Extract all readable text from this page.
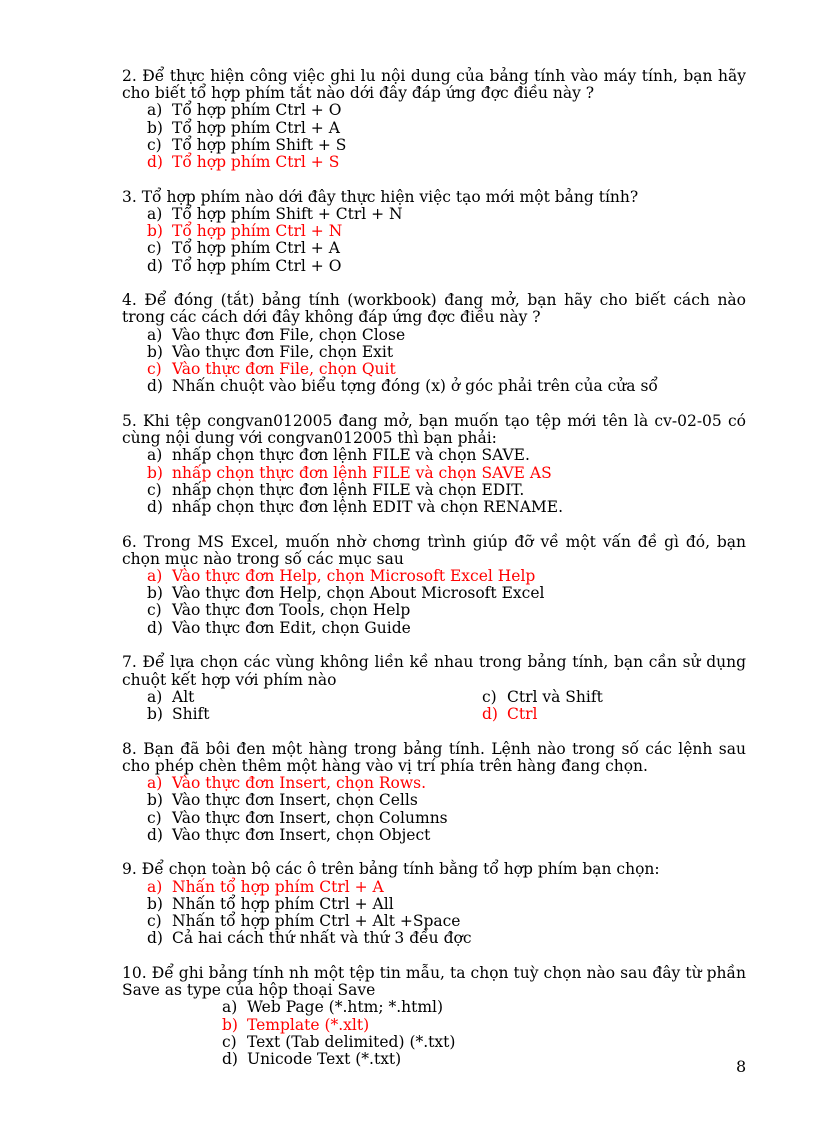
2. Để thực hiện công việc ghi lu nội dung của bảng tính vào máy tính, bạn hãy cho biết tổ hợp phím tắt nào dới đây đáp ứng đợc điều này ?
a) Tổ hợp phím Ctrl + O
b) Tổ hợp phím Ctrl + A
c) Tổ hợp phím Shift + S
d) Tổ hợp phím Ctrl + S
3. Tổ hợp phím nào dới đây thực hiện việc tạo mới một bảng tính?
a) Tổ hợp phím Shift + Ctrl + N
b) Tổ hợp phím Ctrl + N
c) Tổ hợp phím Ctrl + A
d) Tổ hợp phím Ctrl + O
4. Để đóng (tắt) bảng tính (workbook) đang mở, bạn hãy cho biết cách nào trong các cách dới đây không đáp ứng đợc điều này ?
a) Vào thực đơn File, chọn Close
b) Vào thực đơn File, chọn Exit
c) Vào thực đơn File, chọn Quit
d) Nhấn chuột vào biểu tợng đóng (x) ở góc phải trên của cửa sổ
5. Khi tệp congvan012005 đang mở, bạn muốn tạo tệp mới tên là cv-02-05 có cùng nội dung với congvan012005 thì bạn phải:
a) nhấp chọn thực đơn lệnh FILE và chọn SAVE.
b) nhấp chọn thực đơn lệnh FILE và chọn SAVE AS
c) nhấp chọn thực đơn lệnh FILE và chọn EDIT.
d) nhấp chọn thực đơn lệnh EDIT và chọn RENAME.
6. Trong MS Excel, muốn nhờ chơng trình giúp đỡ về một vấn đề gì đó, bạn chọn mục nào trong số các mục sau
a) Vào thực đơn Help, chọn Microsoft Excel Help
b) Vào thực đơn Help, chọn About Microsoft Excel
c) Vào thực đơn Tools, chọn Help
d) Vào thực đơn Edit, chọn Guide
7. Để lựa chọn các vùng không liền kề nhau trong bảng tính, bạn cần sử dụng chuột kết hợp với phím nào
a) Alt	c) Ctrl và Shift
b) Shift	d) Ctrl
8. Bạn đã bôi đen một hàng trong bảng tính. Lệnh nào trong số các lệnh sau cho phép chèn thêm một hàng vào vị trí phía trên hàng đang chọn.
a) Vào thực đơn Insert, chọn Rows.
b) Vào thực đơn Insert, chọn Cells
c) Vào thực đơn Insert, chọn Columns
d) Vào thực đơn Insert, chọn Object
9. Để chọn toàn bộ các ô trên bảng tính bằng tổ hợp phím bạn chọn:
a) Nhấn tổ hợp phím Ctrl + A
b) Nhấn tổ hợp phím Ctrl + All
c) Nhấn tổ hợp phím Ctrl + Alt +Space
d) Cả hai cách thứ nhất và thứ 3 đều đợc
10. Để ghi bảng tính nh một tệp tin mẫu, ta chọn tuỳ chọn nào sau đây từ phần Save as type của hộp thoại Save
a) Web Page (*.htm; *.html)
b) Template (*.xlt)
c) Text (Tab delimited) (*.txt)
d) Unicode Text (*.txt)	8
